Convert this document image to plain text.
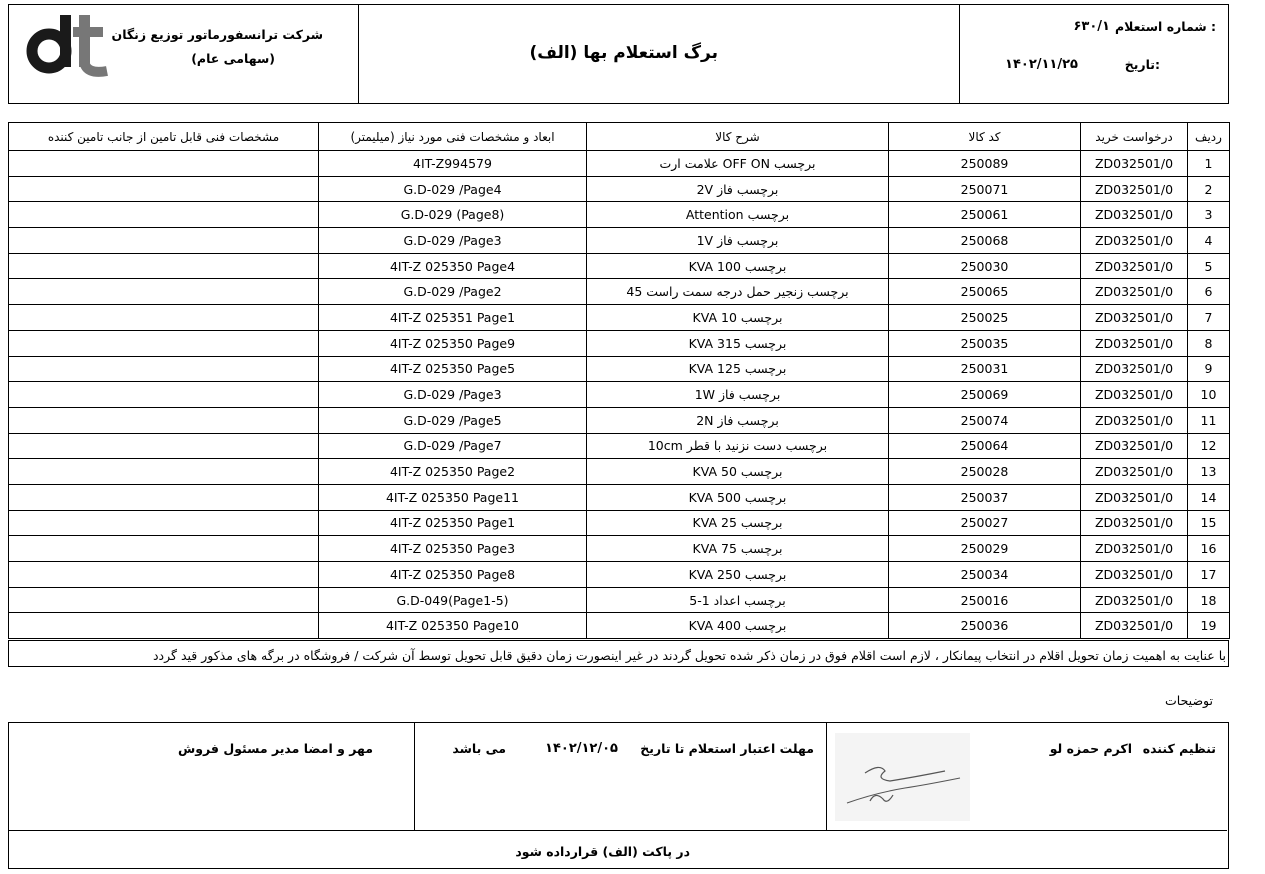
شرکت ترانسفورماتور توزیع زنگان
(سهامی عام)	برگ استعلام بها (الف)
شماره استعلام :
۶۳۰/۱
تاریخ:
۱۴۰۲/۱۱/۲۵
ردیف	درخواست خرید	کد کالا	شرح کالا	ابعاد و مشخصات فنی مورد نیاز (میلیمتر)	مشخصات فنی قابل تامین از جانب تامین کننده
1	ZD032501/0	250089	برچسب OFF ON علامت ارت	4IT-Z994579	
2	ZD032501/0	250071	برچسب فاز 2V	G.D-029 /Page4	
3	ZD032501/0	250061	برچسب Attention	G.D-029 (Page8)	
4	ZD032501/0	250068	برچسب فاز 1V	G.D-029 /Page3	
5	ZD032501/0	250030	برچسب KVA 100	4IT-Z 025350 Page4	
6	ZD032501/0	250065	برچسب زنجیر حمل درجه سمت راست 45	G.D-029 /Page2	
7	ZD032501/0	250025	برچسب KVA 10	4IT-Z 025351 Page1	
8	ZD032501/0	250035	برچسب KVA 315	4IT-Z 025350 Page9	
9	ZD032501/0	250031	برچسب KVA 125	4IT-Z 025350 Page5	
10	ZD032501/0	250069	برچسب فاز 1W	G.D-029 /Page3	
11	ZD032501/0	250074	برچسب فاز 2N	G.D-029 /Page5	
12	ZD032501/0	250064	برچسب دست نزنید با قطر 10cm	G.D-029 /Page7	
13	ZD032501/0	250028	برچسب KVA 50	4IT-Z 025350 Page2	
14	ZD032501/0	250037	برچسب KVA 500	4IT-Z 025350 Page11	
15	ZD032501/0	250027	برچسب KVA 25	4IT-Z 025350 Page1	
16	ZD032501/0	250029	برچسب KVA 75	4IT-Z 025350 Page3	
17	ZD032501/0	250034	برچسب KVA 250	4IT-Z 025350 Page8	
18	ZD032501/0	250016	برچسب اعداد 1-5	G.D-049(Page1-5)	
19	ZD032501/0	250036	برچسب KVA 400	4IT-Z 025350 Page10	
با عنایت به اهمیت زمان تحویل اقلام در انتخاب پیمانکار ، لازم است اقلام فوق در زمان ذکر شده تحویل گردند در غیر اینصورت زمان دقیق قابل تحویل توسط آن شرکت / فروشگاه در برگه های مذکور قید گردد
توضیحات
تنظیم کننده
اکرم حمزه لو
مهلت اعتبار استعلام تا تاریخ
۱۴۰۲/۱۲/۰۵
می باشد
مهر و امضا مدیر مسئول فروش
در پاکت (الف) قرارداده شود
